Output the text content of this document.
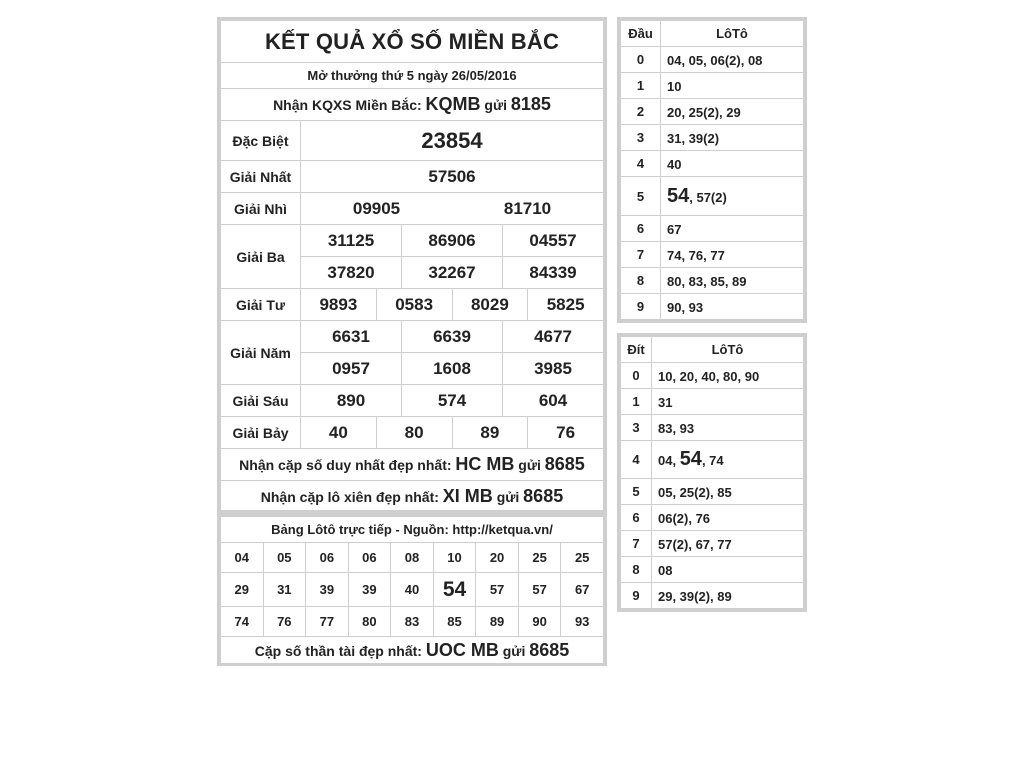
KẾT QUẢ XỔ SỐ MIỀN BẮC						
Mở thưởng thứ 5 ngày 26/05/2016						
Nhận KQXS Miền Bắc: KQMB gửi 8185						
Đặc Biệt	23854					
Giải Nhất	57506					
Giải Nhì	09905			81710		
Giải Ba	31125		86906		04557	
	37820		32267		84339	
Giải Tư	9893	0583		8029		5825
Giải Năm	6631		6639		4677	
	0957		1608		3985	
Giải Sáu	890		574		604	
Giải Bảy	40	80		89		76
Nhận cặp số duy nhất đẹp nhất: HC MB gửi 8685						
Nhận cặp lô xiên đẹp nhất: XI MB gửi 8685						
Bảng Lôtô trực tiếp - Nguồn: http://ketqua.vn/								
04	05	06	06	08	10	20	25	25
29	31	39	39	40	54	57	57	67
74	76	77	80	83	85	89	90	93
Cặp số thần tài đẹp nhất: UOC MB gửi 8685								
Đầu	LôTô
0	04, 05, 06(2), 08
1	10
2	20, 25(2), 29
3	31, 39(2)
4	40
5	54, 57(2)
6	67
7	74, 76, 77
8	80, 83, 85, 89
9	90, 93
Đít	LôTô
0	10, 20, 40, 80, 90
1	31
3	83, 93
4	04, 54, 74
5	05, 25(2), 85
6	06(2), 76
7	57(2), 67, 77
8	08
9	29, 39(2), 89
